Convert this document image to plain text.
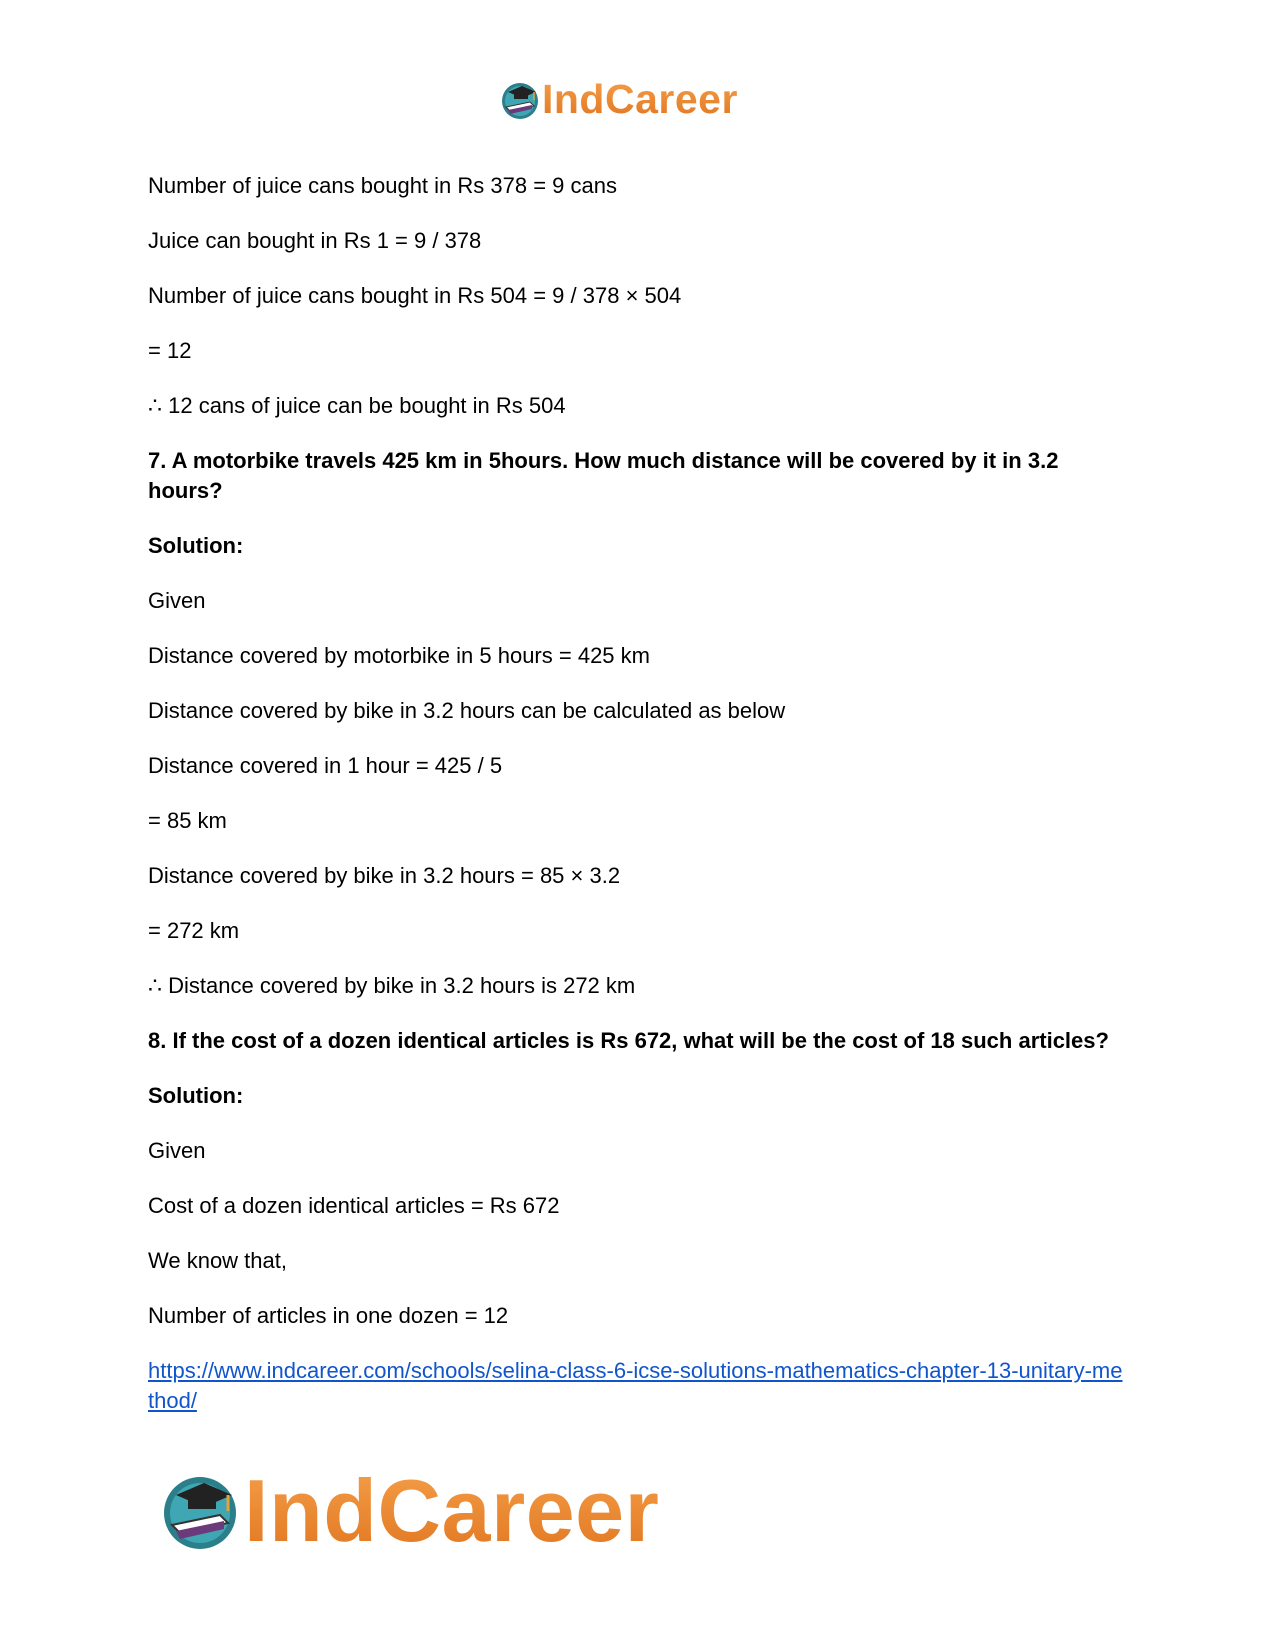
IndCareer

Number of juice cans bought in Rs 378 = 9 cans

Juice can bought in Rs 1 = 9 / 378

Number of juice cans bought in Rs 504 = 9 / 378 × 504

= 12

∴ 12 cans of juice can be bought in Rs 504

7. A motorbike travels 425 km in 5hours. How much distance will be covered by it in 3.2 hours?

Solution:

Given

Distance covered by motorbike in 5 hours = 425 km

Distance covered by bike in 3.2 hours can be calculated as below

Distance covered in 1 hour = 425 / 5

= 85 km

Distance covered by bike in 3.2 hours = 85 × 3.2

= 272 km

∴ Distance covered by bike in 3.2 hours is 272 km

8. If the cost of a dozen identical articles is Rs 672, what will be the cost of 18 such articles?

Solution:

Given

Cost of a dozen identical articles = Rs 672

We know that,

Number of articles in one dozen = 12

https://www.indcareer.com/schools/selina-class-6-icse-solutions-mathematics-chapter-13-unitary-method/

IndCareer
